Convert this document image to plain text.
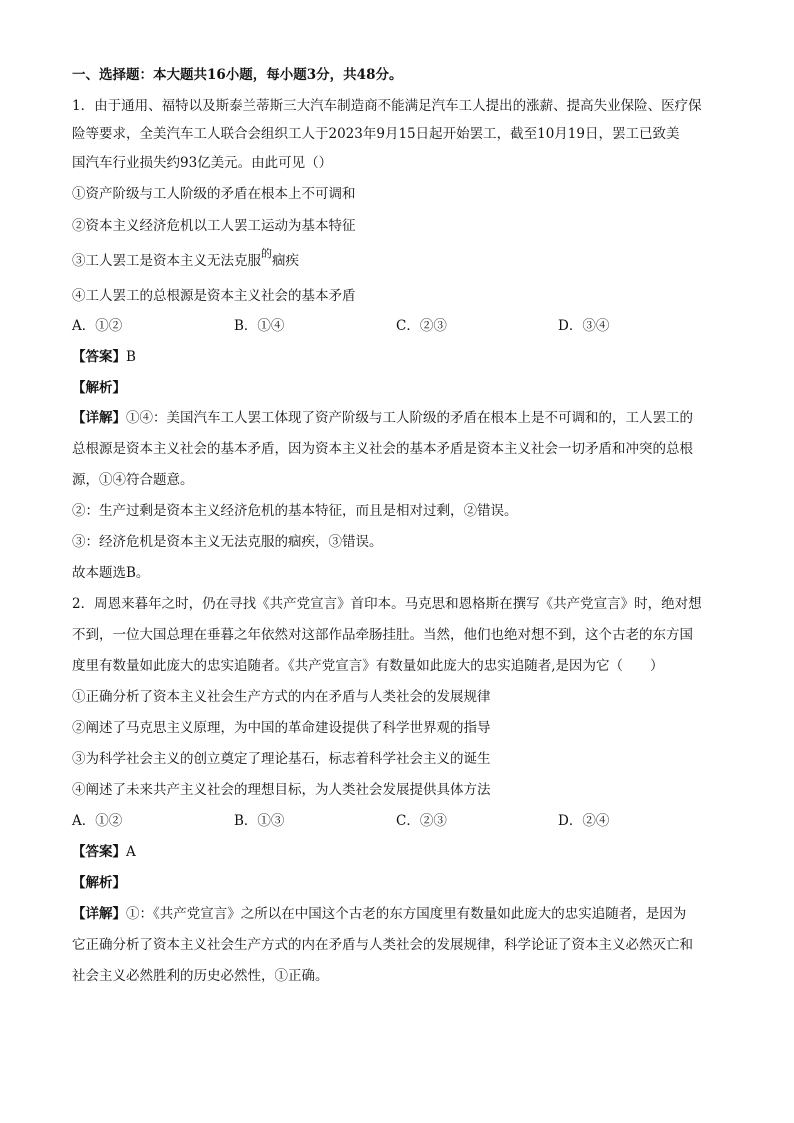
一、选择题：本大题共16小题，每小题3分，共48分。

1．由于通用、福特以及斯泰兰蒂斯三大汽车制造商不能满足汽车工人提出的涨薪、提高失业保险、医疗保

险等要求，全美汽车工人联合会组织工人于2023年9月15日起开始罢工，截至10月19日，罢工已致美

国汽车行业损失约93亿美元。由此可见（）

①资产阶级与工人阶级的矛盾在根本上不可调和

②资本主义经济危机以工人罢工运动为基本特征

③工人罢工是资本主义无法克服$^的$痼疾

④工人罢工的总根源是资本主义社会的基本矛盾

A．①②	B．①④	C．②③	D．③④

【答案】B

【解析】

【详解】①④：美国汽车工人罢工体现了资产阶级与工人阶级的矛盾在根本上是不可调和的，工人罢工的

总根源是资本主义社会的基本矛盾，因为资本主义社会的基本矛盾是资本主义社会一切矛盾和冲突的总根

源，①④符合题意。

②：生产过剩是资本主义经济危机的基本特征，而且是相对过剩，②错误。

③：经济危机是资本主义无法克服的痼疾，③错误。

故本题选B。

2．周恩来暮年之时，仍在寻找《共产党宣言》首印本。马克思和恩格斯在撰写《共产党宣言》时，绝对想

不到，一位大国总理在垂暮之年依然对这部作品牵肠挂肚。当然，他们也绝对想不到，这个古老的东方国

度里有数量如此庞大的忠实追随者。《共产党宣言》有数量如此庞大的忠实追随者,是因为它（　　）

①正确分析了资本主义社会生产方式的内在矛盾与人类社会的发展规律

②阐述了马克思主义原理，为中国的革命建设提供了科学世界观的指导

③为科学社会主义的创立奠定了理论基石，标志着科学社会主义的诞生

④阐述了未来共产主义社会的理想目标，为人类社会发展提供具体方法

A．①②	B．①③	C．②③	D．②④

【答案】A

【解析】

【详解】①：《共产党宣言》之所以在中国这个古老的东方国度里有数量如此庞大的忠实追随者，是因为

它正确分析了资本主义社会生产方式的内在矛盾与人类社会的发展规律，科学论证了资本主义必然灭亡和

社会主义必然胜利的历史必然性，①正确。
